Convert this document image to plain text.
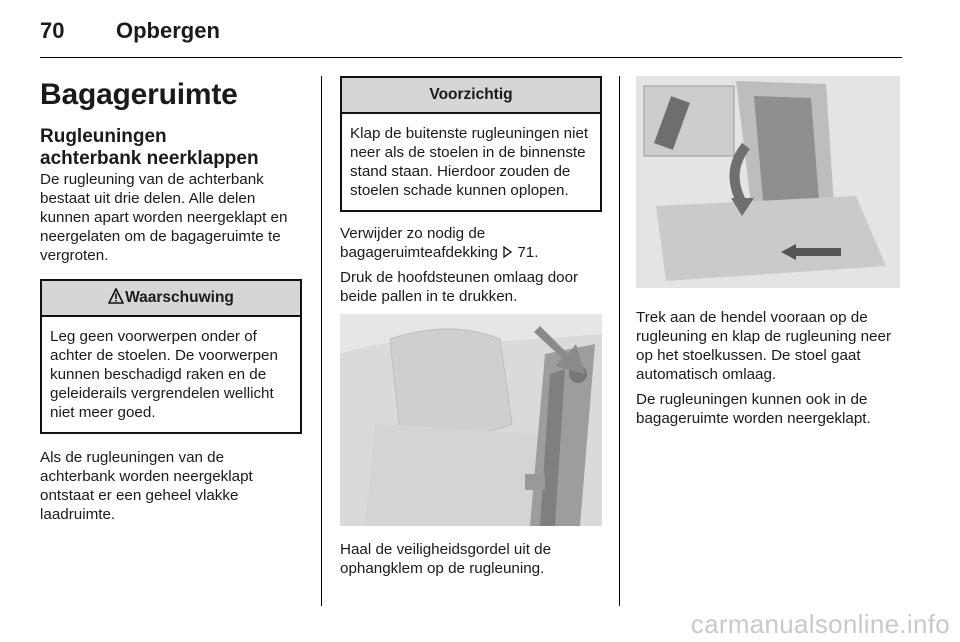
70 Opbergen
Bagageruimte
Rugleuningen achterbank neerklappen

De rugleuning van de achterbank bestaat uit drie delen. Alle delen kunnen apart worden neergeklapt en neergelaten om de bagageruimte te vergroten.

Waarschuwing

Leg geen voorwerpen onder of achter de stoelen. De voorwerpen kunnen beschadigd raken en de geleiderails vergrendelen wellicht niet meer goed.

Als de rugleuningen van de achterbank worden neergeklapt ontstaat er een geheel vlakke laadruimte.

Voorzichtig

Klap de buitenste rugleuningen niet neer als de stoelen in de binnenste stand staan. Hierdoor zouden de stoelen schade kunnen oplopen.

Verwijder zo nodig de bagageruimteafdekking 71.

Druk de hoofdsteunen omlaag door beide pallen in te drukken.

Haal de veiligheidsgordel uit de ophangklem op de rugleuning.

Trek aan de hendel vooraan op de rugleuning en klap de rugleuning neer op het stoelkussen. De stoel gaat automatisch omlaag.

De rugleuningen kunnen ook in de bagageruimte worden neergeklapt.

carmanualsonline.info
